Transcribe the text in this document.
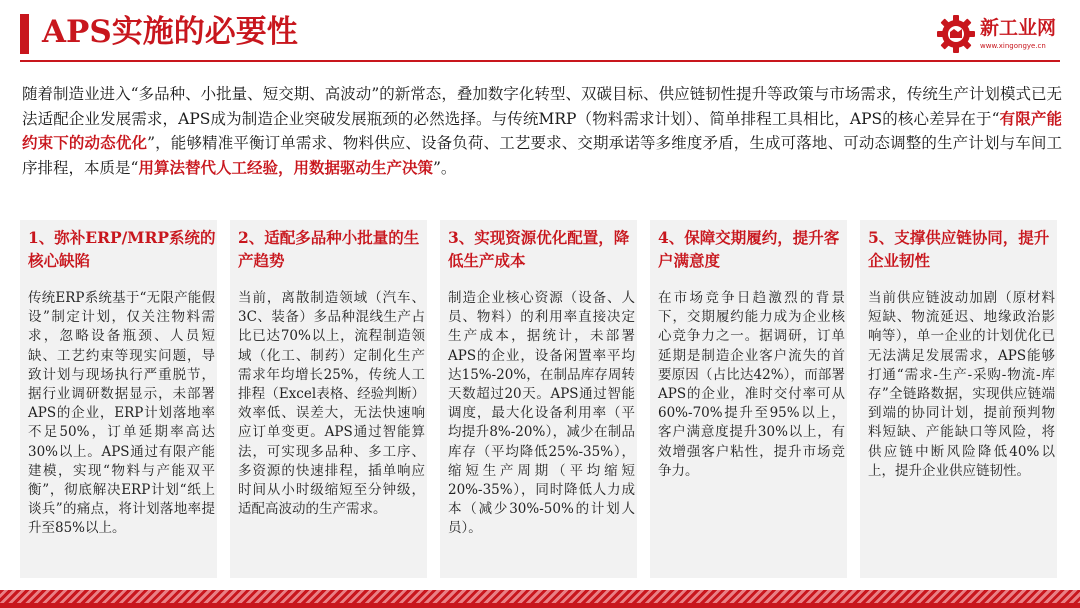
APS实施的必要性	新工业网
www.xingongye.cn
随着制造业进入“多品种、小批量、短交期、高波动”的新常态，叠加数字化转型、双碳目标、供应链韧性提升等政策与市场需求，传统生产计划模式已无法适配企业发展需求，APS成为制造企业突破发展瓶颈的必然选择。与传统MRP（物料需求计划）、简单排程工具相比，APS的核心差异在于“有限产能约束下的动态优化”，能够精准平衡订单需求、物料供应、设备负荷、工艺要求、交期承诺等多维度矛盾，生成可落地、可动态调整的生产计划与车间工序排程，本质是“用算法替代人工经验，用数据驱动生产决策”。
1、弥补ERP/MRP系统的核心缺陷
传统ERP系统基于“无限产能假设”制定计划，仅关注物料需求，忽略设备瓶颈、人员短缺、工艺约束等现实问题，导致计划与现场执行严重脱节，据行业调研数据显示，未部署APS的企业，ERP计划落地率不足50%，订单延期率高达30%以上。APS通过有限产能建模，实现“物料与产能双平衡”，彻底解决ERP计划“纸上谈兵”的痛点，将计划落地率提升至85%以上。
2、适配多品种小批量的生产趋势
当前，离散制造领域（汽车、3C、装备）多品种混线生产占比已达70%以上，流程制造领域（化工、制药）定制化生产需求年均增长25%，传统人工排程（Excel表格、经验判断）效率低、误差大，无法快速响应订单变更。APS通过智能算法，可实现多品种、多工序、多资源的快速排程，插单响应时间从小时级缩短至分钟级，适配高波动的生产需求。
3、实现资源优化配置，降低生产成本
制造企业核心资源（设备、人员、物料）的利用率直接决定生产成本，据统计，未部署APS的企业，设备闲置率平均达15%-20%，在制品库存周转天数超过20天。APS通过智能调度，最大化设备利用率（平均提升8%-20%），减少在制品库存（平均降低25%-35%），缩短生产周期（平均缩短20%-35%），同时降低人力成本（减少30%-50%的计划人员）。
4、保障交期履约，提升客户满意度
在市场竞争日趋激烈的背景下，交期履约能力成为企业核心竞争力之一。据调研，订单延期是制造企业客户流失的首要原因（占比达42%），而部署APS的企业，准时交付率可从60%-70%提升至95%以上，客户满意度提升30%以上，有效增强客户粘性，提升市场竞争力。
5、支撑供应链协同，提升企业韧性
当前供应链波动加剧（原材料短缺、物流延迟、地缘政治影响等），单一企业的计划优化已无法满足发展需求，APS能够打通“需求-生产-采购-物流-库存”全链路数据，实现供应链端到端的协同计划，提前预判物料短缺、产能缺口等风险，将供应链中断风险降低40%以上，提升企业供应链韧性。
